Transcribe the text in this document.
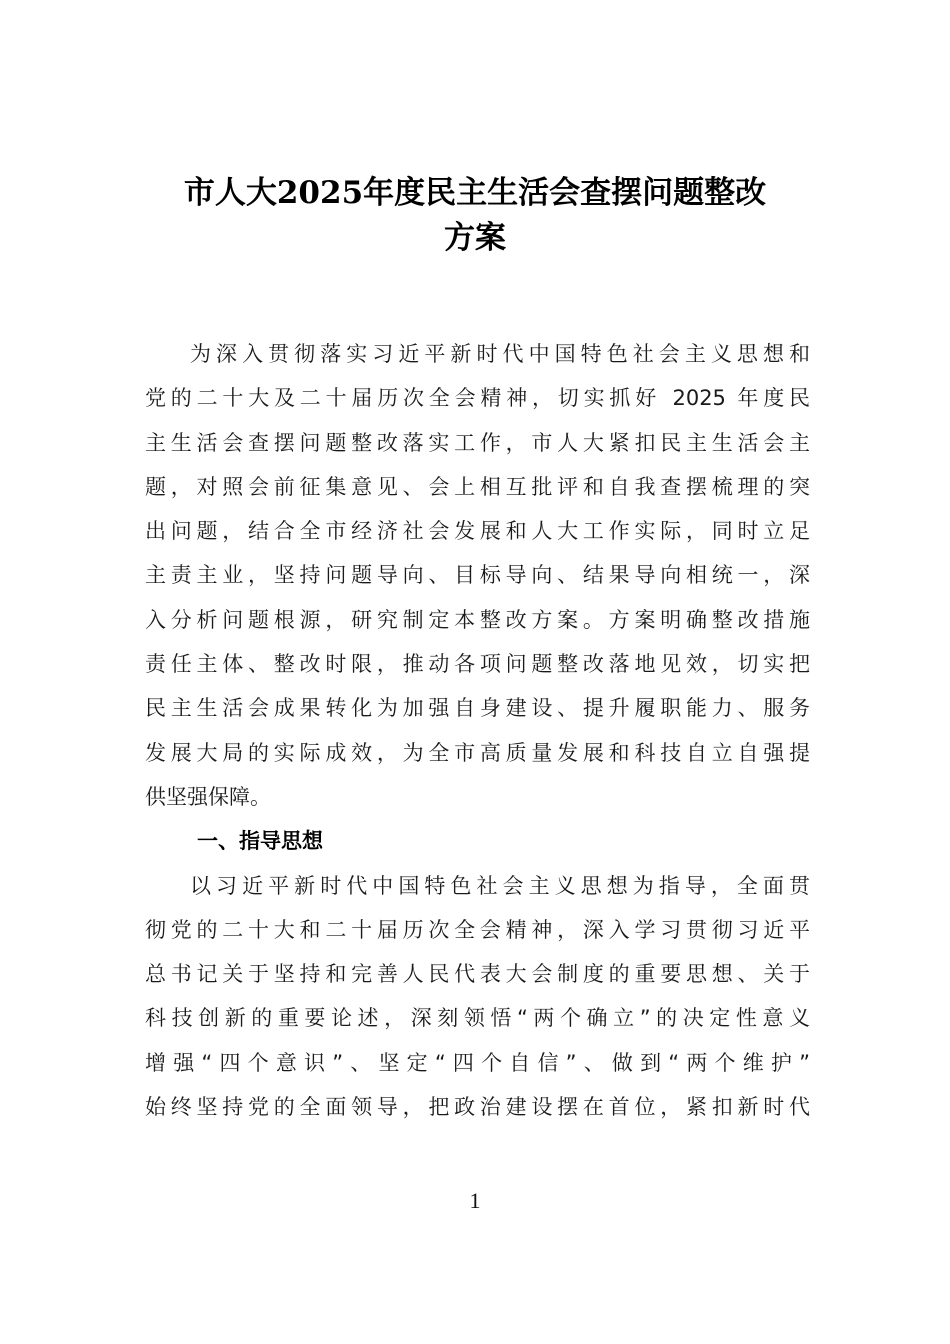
市人大2025年度民主生活会查摆问题整改
方案
为深入贯彻落实习近平新时代中国特色社会主义思想和
党的二十大及二十届历次全会精神，切实抓好 2025 年度民
主生活会查摆问题整改落实工作，市人大紧扣民主生活会主
题，对照会前征集意见、会上相互批评和自我查摆梳理的突
出问题，结合全市经济社会发展和人大工作实际，同时立足
主责主业，坚持问题导向、目标导向、结果导向相统一，深
入分析问题根源，研究制定本整改方案。方案明确整改措施
责任主体、整改时限，推动各项问题整改落地见效，切实把
民主生活会成果转化为加强自身建设、提升履职能力、服务
发展大局的实际成效，为全市高质量发展和科技自立自强提
供坚强保障。
一、指导思想
以习近平新时代中国特色社会主义思想为指导，全面贯
彻党的二十大和二十届历次全会精神，深入学习贯彻习近平
总书记关于坚持和完善人民代表大会制度的重要思想、关于
科技创新的重要论述，深刻领悟“两个确立”的决定性意义
增强“四个意识”、坚定“四个自信”、做到“两个维护”
始终坚持党的全面领导，把政治建设摆在首位，紧扣新时代
1
